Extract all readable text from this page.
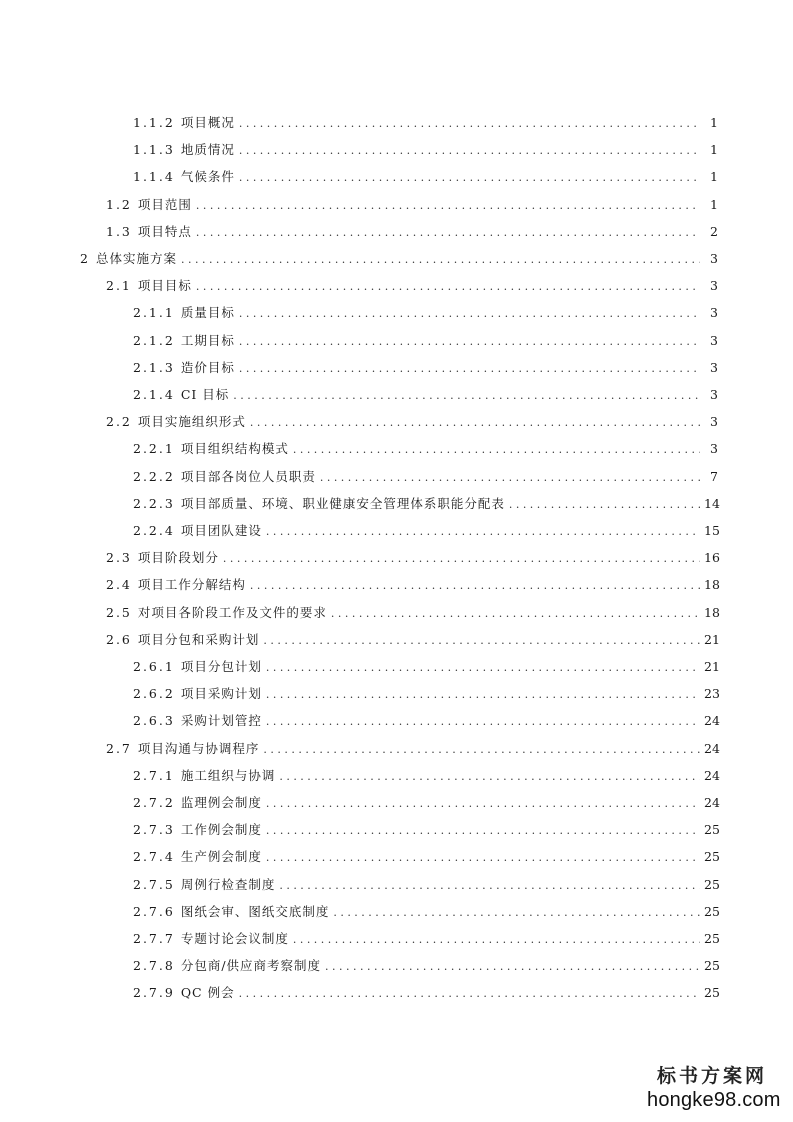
1.1.2 项目概况 . . .	1
1.1.3 地质情况 . . .	1
1.1.4 气候条件 . . .	1
1.2 项目范围 . . .	1
1.3 项目特点 . . .	2
2 总体实施方案 . . .	3
2.1 项目目标 . . .	3
2.1.1 质量目标 . . .	3
2.1.2 工期目标 . . .	3
2.1.3 造价目标 . . .	3
2.1.4 CI 目标 . . .	3
2.2 项目实施组织形式 . . .	3
2.2.1 项目组织结构模式 . . .	3
2.2.2 项目部各岗位人员职责 . . .	7
2.2.3 项目部质量、环境、职业健康安全管理体系职能分配表 . . .	14
2.2.4 项目团队建设 . . .	15
2.3 项目阶段划分 . . .	16
2.4 项目工作分解结构 . . .	18
2.5 对项目各阶段工作及文件的要求 . . .	18
2.6 项目分包和采购计划 . . .	21
2.6.1 项目分包计划 . . .	21
2.6.2 项目采购计划 . . .	23
2.6.3 采购计划管控 . . .	24
2.7 项目沟通与协调程序 . . .	24
2.7.1 施工组织与协调 . . .	24
2.7.2 监理例会制度 . . .	24
2.7.3 工作例会制度 . . .	25
2.7.4 生产例会制度 . . .	25
2.7.5 周例行检查制度 . . .	25
2.7.6 图纸会审、图纸交底制度 . . .	25
2.7.7 专题讨论会议制度 . . .	25
2.7.8 分包商/供应商考察制度 . . .	25
2.7.9 QC 例会 . . .	25
标书方案网
hongke98.com
